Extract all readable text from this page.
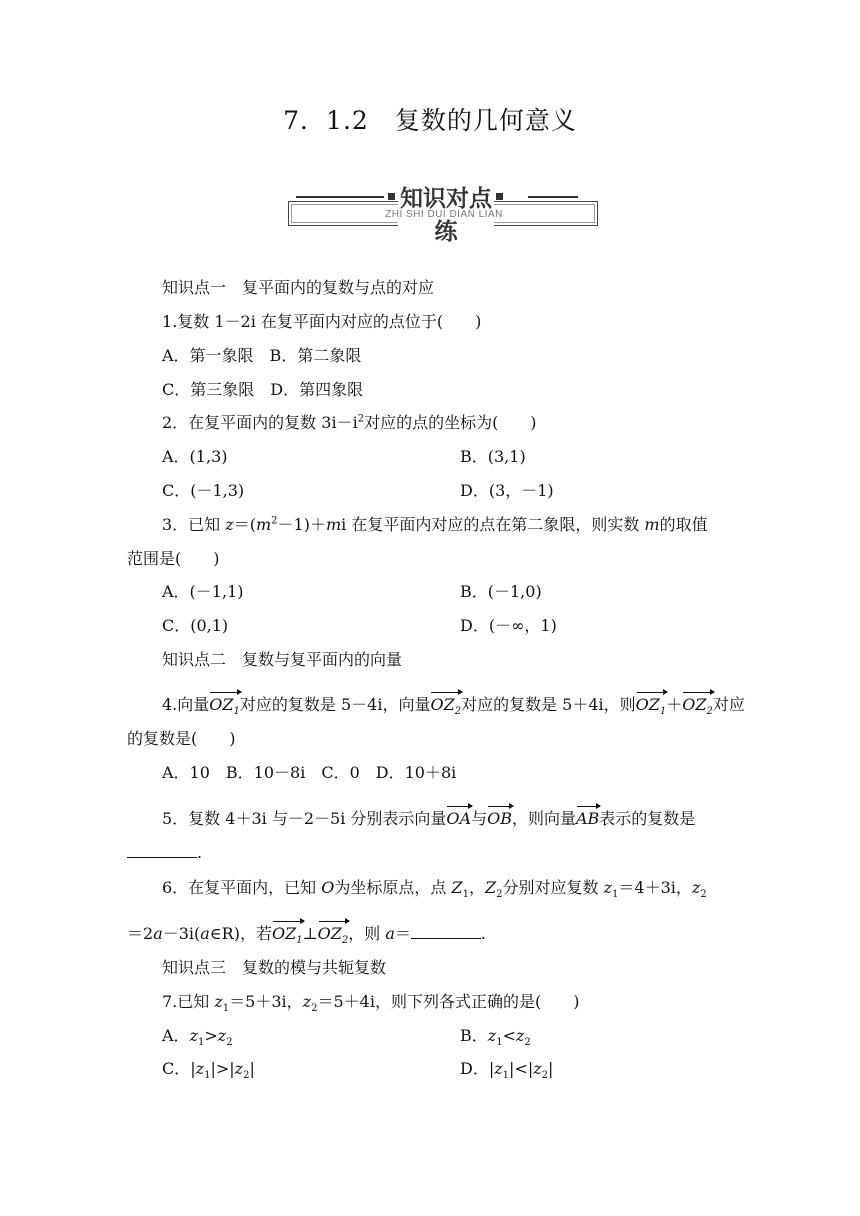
7．1.2　复数的几何意义
知识对点练
ZHI SHI DUI DIAN LIAN
知识点一　复平面内的复数与点的对应
1.复数 1－2i 在复平面内对应的点位于(　　)
A．第一象限　B．第二象限
C．第三象限　D．第四象限
2．在复平面内的复数 $3i-i^2$对应的点的坐标为(　　)
A．(1,3)	B．(3,1)
C．(－1,3)	D．(3，－1)
3．已知 $z=(m^2-1)+mi$ 在复平面内对应的点在第二象限，则实数 m的取值
范围是(　　)
A．(－1,1)	B．(－1,0)
C．(0,1)	D．(－∞，1)
知识点二　复数与复平面内的向量
4.向量$OZ_1$对应的复数是 5－4i，向量$OZ_2$对应的复数是 5＋4i，则$OZ_1+OZ_2$对应
的复数是(　　)
A．10　B．10－8i　C．0　D．10＋8i
5．复数 4＋3i 与－2－5i 分别表示向量OA与OB，则向量AB表示的复数是
.
6．在复平面内，已知 O为坐标原点，点 $Z_1$，$Z_2$分别对应复数 $z_1=4+3i$，$z_2$
＝2a－3i(a∈R)，若$OZ_1\perp OZ_2$，则 a＝	.
知识点三　复数的模与共轭复数
7.已知 $z_1=5+3i$，$z_2=5+4i$，则下列各式正确的是(　　)
A．$z_1>z_2$	B．$z_1<z_2$
C．$|z_1|>|z_2|$	D．$|z_1|<|z_2|$
